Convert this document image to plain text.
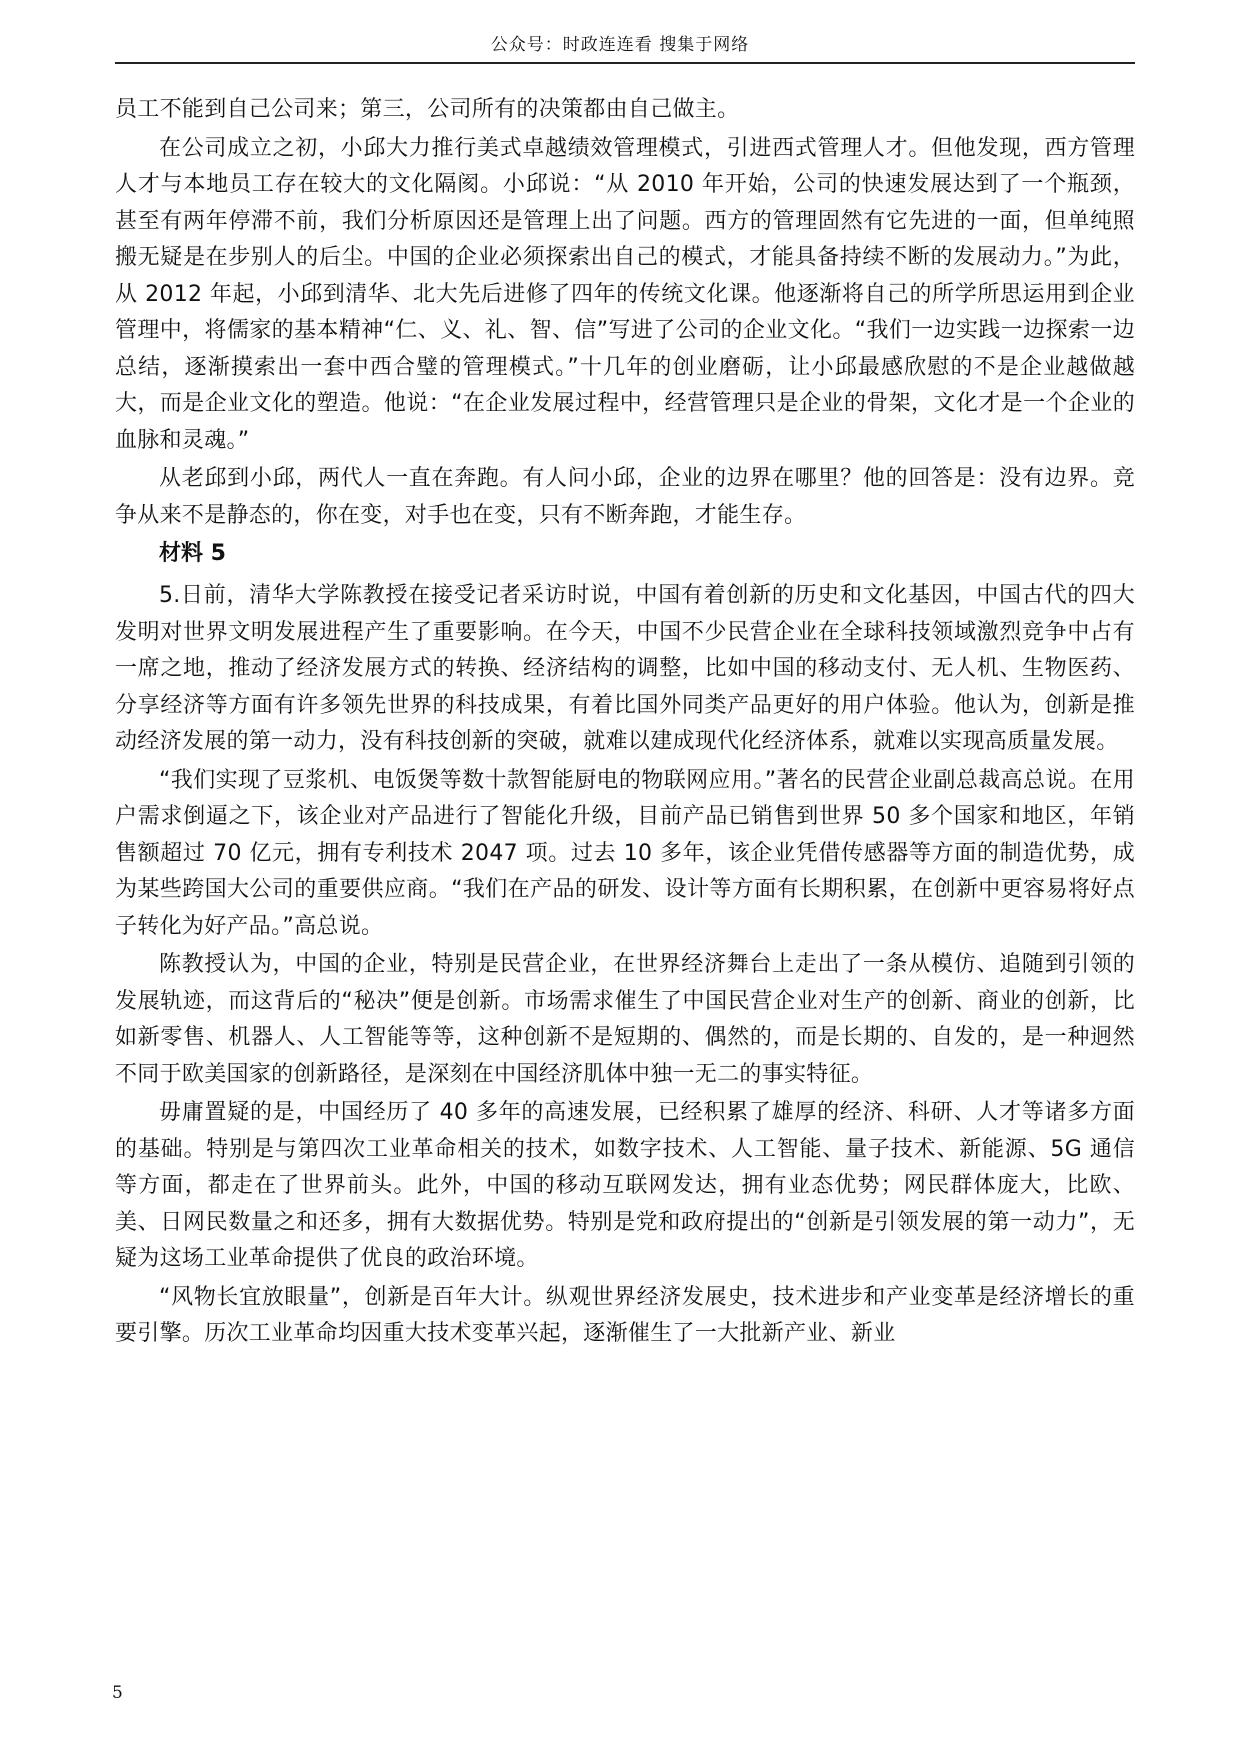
公众号：时政连连看 搜集于网络

员工不能到自己公司来；第三，公司所有的决策都由自己做主。

在公司成立之初，小邱大力推行美式卓越绩效管理模式，引进西式管理人才。但他发现，西方管理人才与本地员工存在较大的文化隔阂。小邱说：“从 2010 年开始，公司的快速发展达到了一个瓶颈，甚至有两年停滞不前，我们分析原因还是管理上出了问题。西方的管理固然有它先进的一面，但单纯照搬无疑是在步别人的后尘。中国的企业必须探索出自己的模式，才能具备持续不断的发展动力。”为此，从 2012 年起，小邱到清华、北大先后进修了四年的传统文化课。他逐渐将自己的所学所思运用到企业管理中，将儒家的基本精神“仁、义、礼、智、信”写进了公司的企业文化。“我们一边实践一边探索一边总结，逐渐摸索出一套中西合璧的管理模式。”十几年的创业磨砺，让小邱最感欣慰的不是企业越做越大，而是企业文化的塑造。他说：“在企业发展过程中，经营管理只是企业的骨架，文化才是一个企业的血脉和灵魂。”

从老邱到小邱，两代人一直在奔跑。有人问小邱，企业的边界在哪里？他的回答是：没有边界。竞争从来不是静态的，你在变，对手也在变，只有不断奔跑，才能生存。

材料 5

5.日前，清华大学陈教授在接受记者采访时说，中国有着创新的历史和文化基因，中国古代的四大发明对世界文明发展进程产生了重要影响。在今天，中国不少民营企业在全球科技领域激烈竞争中占有一席之地，推动了经济发展方式的转换、经济结构的调整，比如中国的移动支付、无人机、生物医药、分享经济等方面有许多领先世界的科技成果，有着比国外同类产品更好的用户体验。他认为，创新是推动经济发展的第一动力，没有科技创新的突破，就难以建成现代化经济体系，就难以实现高质量发展。

“我们实现了豆浆机、电饭煲等数十款智能厨电的物联网应用。”著名的民营企业副总裁高总说。在用户需求倒逼之下，该企业对产品进行了智能化升级，目前产品已销售到世界 50 多个国家和地区，年销售额超过 70 亿元，拥有专利技术 2047 项。过去 10 多年，该企业凭借传感器等方面的制造优势，成为某些跨国大公司的重要供应商。“我们在产品的研发、设计等方面有长期积累，在创新中更容易将好点子转化为好产品。”高总说。

陈教授认为，中国的企业，特别是民营企业，在世界经济舞台上走出了一条从模仿、追随到引领的发展轨迹，而这背后的“秘决”便是创新。市场需求催生了中国民营企业对生产的创新、商业的创新，比如新零售、机器人、人工智能等等，这种创新不是短期的、偶然的，而是长期的、自发的，是一种迥然不同于欧美国家的创新路径，是深刻在中国经济肌体中独一无二的事实特征。

毋庸置疑的是，中国经历了 40 多年的高速发展，已经积累了雄厚的经济、科研、人才等诸多方面的基础。特别是与第四次工业革命相关的技术，如数字技术、人工智能、量子技术、新能源、5G 通信等方面，都走在了世界前头。此外，中国的移动互联网发达，拥有业态优势；网民群体庞大，比欧、美、日网民数量之和还多，拥有大数据优势。特别是党和政府提出的“创新是引领发展的第一动力”，无疑为这场工业革命提供了优良的政治环境。

“风物长宜放眼量”，创新是百年大计。纵观世界经济发展史，技术进步和产业变革是经济增长的重要引擎。历次工业革命均因重大技术变革兴起，逐渐催生了一大批新产业、新业

5
